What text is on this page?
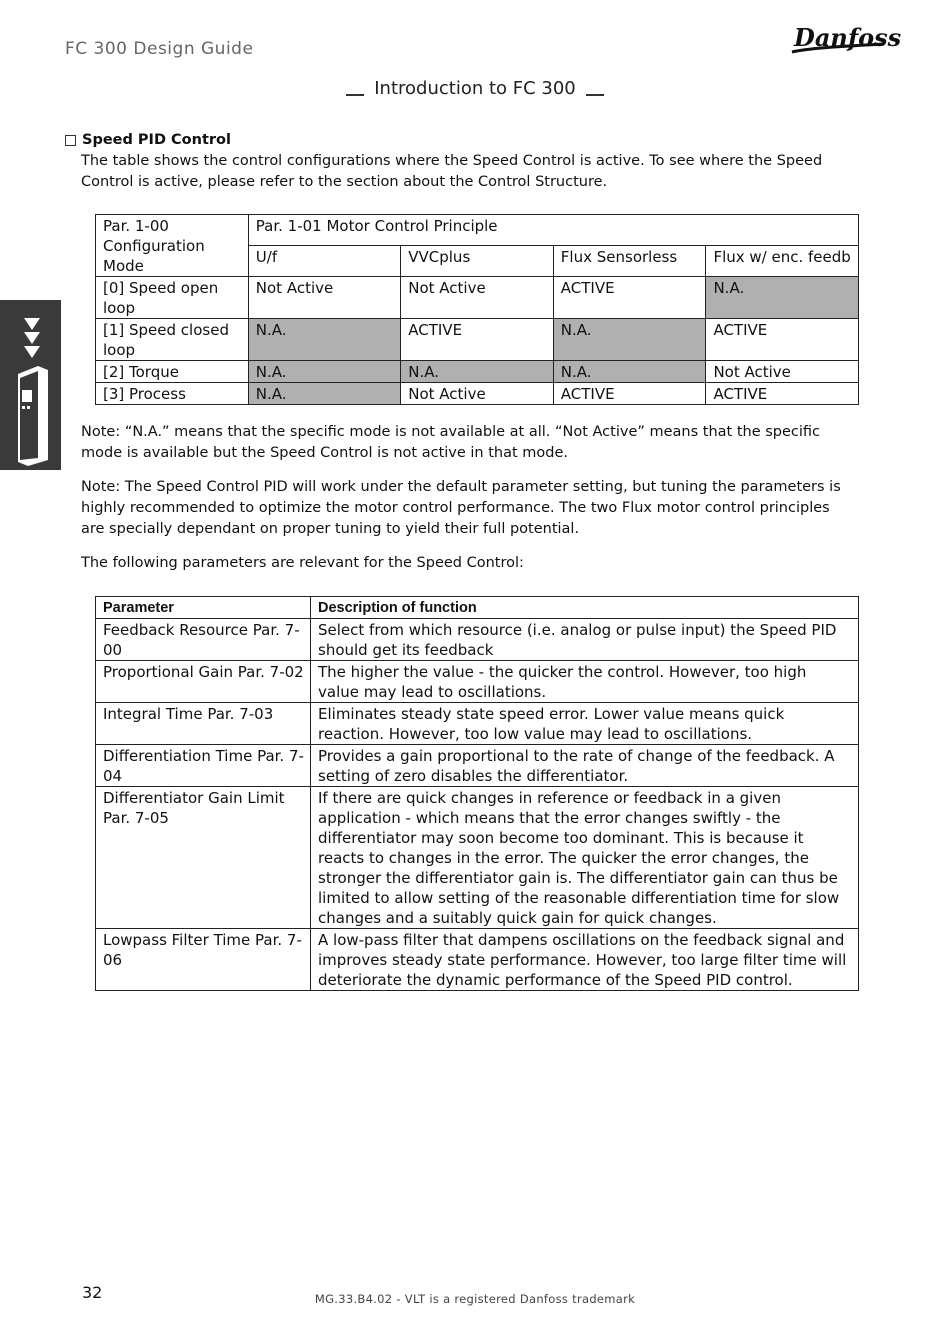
FC 300 Design Guide	Danfoss
Introduction to FC 300
Speed PID Control
The table shows the control configurations where the Speed Control is active. To see where the Speed Control is active, please refer to the section about the Control Structure.
Par. 1-00 Configuration Mode	Par. 1-01 Motor Control Principle			
	U/f	VVCplus	Flux Sensorless	Flux w/ enc. feedb
[0] Speed open loop	Not Active	Not Active	ACTIVE	N.A.
[1] Speed closed loop	N.A.	ACTIVE	N.A.	ACTIVE
[2] Torque	N.A.	N.A.	N.A.	Not Active
[3] Process	N.A.	Not Active	ACTIVE	ACTIVE
Note: “N.A.” means that the specific mode is not available at all. “Not Active” means that the specific mode is available but the Speed Control is not active in that mode.
Note: The Speed Control PID will work under the default parameter setting, but tuning the parameters is highly recommended to optimize the motor control performance. The two Flux motor control principles are specially dependant on proper tuning to yield their full potential.
The following parameters are relevant for the Speed Control:
Parameter	Description of function
Feedback Resource Par. 7-00	Select from which resource (i.e. analog or pulse input) the Speed PID should get its feedback
Proportional Gain Par. 7-02	The higher the value - the quicker the control. However, too high value may lead to oscillations.
Integral Time Par. 7-03	Eliminates steady state speed error. Lower value means quick reaction. However, too low value may lead to oscillations.
Differentiation Time Par. 7-04	Provides a gain proportional to the rate of change of the feedback. A setting of zero disables the differentiator.
Differentiator Gain Limit Par. 7-05	If there are quick changes in reference or feedback in a given application - which means that the error changes swiftly - the differentiator may soon become too dominant. This is because it reacts to changes in the error. The quicker the error changes, the stronger the differentiator gain is. The differentiator gain can thus be limited to allow setting of the reasonable differentiation time for slow changes and a suitably quick gain for quick changes.
Lowpass Filter Time Par. 7-06	A low-pass filter that dampens oscillations on the feedback signal and improves steady state performance. However, too large filter time will deteriorate the dynamic performance of the Speed PID control.
32	MG.33.B4.02 - VLT is a registered Danfoss trademark
